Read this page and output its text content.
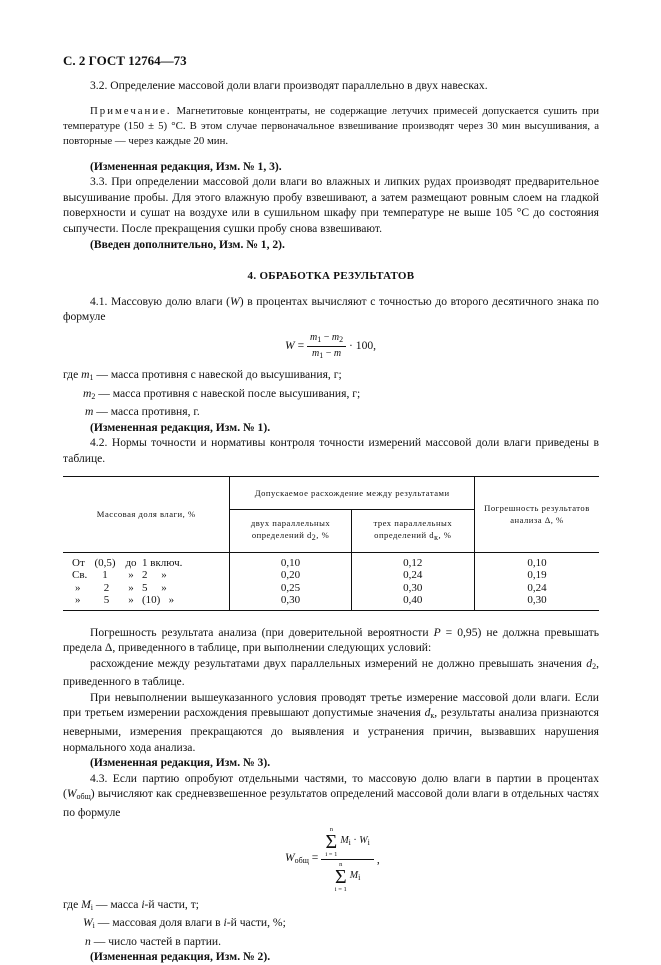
С. 2 ГОСТ 12764—73

3.2. Определение массовой доли влаги производят параллельно в двух навесках.

Примечание. Магнетитовые концентраты, не содержащие летучих примесей допускается сушить при температуре (150 ± 5) °С. В этом случае первоначальное взвешивание производят через 30 мин высушивания, а повторные — через каждые 20 мин.

(Измененная редакция, Изм. № 1, 3).

3.3. При определении массовой доли влаги во влажных и липких рудах производят предварительное высушивание пробы. Для этого влажную пробу взвешивают, а затем размещают ровным слоем на гладкой поверхности и сушат на воздухе или в сушильном шкафу при температуре не выше 105 °С до состояния сыпучести. После прекращения сушки пробу снова взвешивают.

(Введен дополнительно, Изм. № 1, 2).

4. ОБРАБОТКА РЕЗУЛЬТАТОВ

4.1. Массовую долю влаги (W) в процентах вычисляют с точностью до второго десятичного знака по формуле

$W = \frac{m_1 - m_2}{m_1 - m} \cdot 100$,

где $m_1$ — масса противня с навеской до высушивания, г;

$m_2$ — масса противня с навеской после высушивания, г;

m — масса противня, г.

(Измененная редакция, Изм. № 1).

4.2. Нормы точности и нормативы контроля точности измерений массовой доли влаги приведены в таблице.

Массовая доля влаги, %	Допускаемое расхождение между результатами		Погрешность результатов
анализа Δ, %
	двух параллельных
определений d2, %	трех параллельных
определений dк, %	
От (0,5) до 1 включ.	0,10	0,12	0,10
Св. 1 » 2     »	0,20	0,24	0,19
» 2 » 5     »	0,25	0,30	0,24
» 5 » (10)   »	0,30	0,40	0,30

Погрешность результата анализа (при доверительной вероятности P = 0,95) не должна превышать предела Δ, приведенного в таблице, при выполнении следующих условий:

расхождение между результатами двух параллельных измерений не должно превышать значения $d_2$, приведенного в таблице.

При невыполнении вышеуказанного условия проводят третье измерение массовой доли влаги. Если при третьем измерении расхождения превышают допустимые значения $d_к$, результаты анализа признаются неверными, измерения прекращаются до выявления и устранения причин, вызвавших нарушения нормального хода анализа.

(Измененная редакция, Изм. № 3).

4.3. Если партию опробуют отдельными частями, то массовую долю влаги в партии в процентах $(W_{общ})$ вычисляют как средневзвешенное результатов определений массовой доли влаги в отдельных частях по формуле

$W_{общ}$ =
n
Σ
i = 1
$M_i \cdot W_i$
n
Σ
i = 1
$M_i$
,

где $M_i$ — масса i-й части, т;

$W_i$ — массовая доля влаги в i-й части, %;

n — число частей в партии.

(Измененная редакция, Изм. № 2).
